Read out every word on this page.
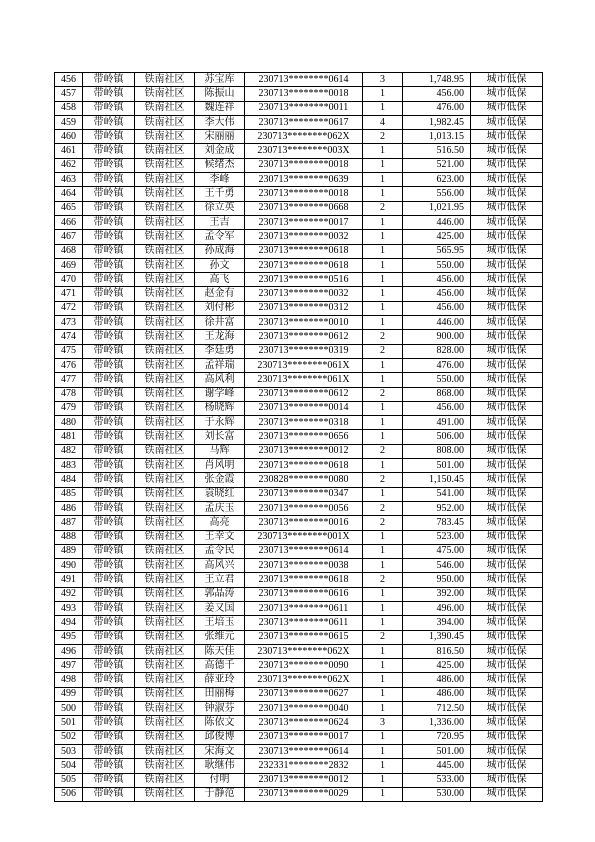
456	带岭镇	铁南社区	苏宝库	230713********0614	3	1,748.95	城市低保
457	带岭镇	铁南社区	陈振山	230713********0018	1	456.00	城市低保
458	带岭镇	铁南社区	魏连祥	230713********0011	1	476.00	城市低保
459	带岭镇	铁南社区	李大伟	230713********0617	4	1,982.45	城市低保
460	带岭镇	铁南社区	宋丽丽	230713********062X	2	1,013.15	城市低保
461	带岭镇	铁南社区	刘金成	230713********003X	1	516.50	城市低保
462	带岭镇	铁南社区	候绪杰	230713********0018	1	521.00	城市低保
463	带岭镇	铁南社区	李峰	230713********0639	1	623.00	城市低保
464	带岭镇	铁南社区	王千勇	230713********0018	1	556.00	城市低保
465	带岭镇	铁南社区	徐立英	230713********0668	2	1,021.95	城市低保
466	带岭镇	铁南社区	王吉	230713********0017	1	446.00	城市低保
467	带岭镇	铁南社区	孟令军	230713********0032	1	425.00	城市低保
468	带岭镇	铁南社区	孙成海	230713********0618	1	565.95	城市低保
469	带岭镇	铁南社区	孙文	230713********0618	1	550.00	城市低保
470	带岭镇	铁南社区	高飞	230713********0516	1	456.00	城市低保
471	带岭镇	铁南社区	赵金有	230713********0032	1	456.00	城市低保
472	带岭镇	铁南社区	刘付彬	230713********0312	1	456.00	城市低保
473	带岭镇	铁南社区	徐井富	230713********0010	1	446.00	城市低保
474	带岭镇	铁南社区	王龙海	230713********0612	2	900.00	城市低保
475	带岭镇	铁南社区	李廷勇	230713********0319	2	828.00	城市低保
476	带岭镇	铁南社区	孟祥瑞	230713********061X	1	476.00	城市低保
477	带岭镇	铁南社区	高风利	230713********061X	1	550.00	城市低保
478	带岭镇	铁南社区	谢学峰	230713********0612	2	868.00	城市低保
479	带岭镇	铁南社区	杨晓辉	230713********0014	1	456.00	城市低保
480	带岭镇	铁南社区	于永辉	230713********0318	1	491.00	城市低保
481	带岭镇	铁南社区	刘长富	230713********0656	1	506.00	城市低保
482	带岭镇	铁南社区	马辉	230713********0012	2	808.00	城市低保
483	带岭镇	铁南社区	肖风明	230713********0618	1	501.00	城市低保
484	带岭镇	铁南社区	张金霞	230828********0080	2	1,150.45	城市低保
485	带岭镇	铁南社区	袁晓红	230713********0347	1	541.00	城市低保
486	带岭镇	铁南社区	孟庆玉	230713********0056	2	952.00	城市低保
487	带岭镇	铁南社区	高亮	230713********0016	2	783.45	城市低保
488	带岭镇	铁南社区	王幸文	230713********001X	1	523.00	城市低保
489	带岭镇	铁南社区	孟令民	230713********0614	1	475.00	城市低保
490	带岭镇	铁南社区	高风兴	230713********0038	1	546.00	城市低保
491	带岭镇	铁南社区	王立君	230713********0618	2	950.00	城市低保
492	带岭镇	铁南社区	郭晶涛	230713********0616	1	392.00	城市低保
493	带岭镇	铁南社区	姜又国	230713********0611	1	496.00	城市低保
494	带岭镇	铁南社区	王培玉	230713********0611	1	394.00	城市低保
495	带岭镇	铁南社区	张维元	230713********0615	2	1,390.45	城市低保
496	带岭镇	铁南社区	陈天佳	230713********062X	1	816.50	城市低保
497	带岭镇	铁南社区	高德千	230713********0090	1	425.00	城市低保
498	带岭镇	铁南社区	薛亚玲	230713********062X	1	486.00	城市低保
499	带岭镇	铁南社区	田丽梅	230713********0627	1	486.00	城市低保
500	带岭镇	铁南社区	钟淑芬	230713********0040	1	712.50	城市低保
501	带岭镇	铁南社区	陈依文	230713********0624	3	1,336.00	城市低保
502	带岭镇	铁南社区	邱俊博	230713********0017	1	720.95	城市低保
503	带岭镇	铁南社区	宋海文	230713********0614	1	501.00	城市低保
504	带岭镇	铁南社区	耿继伟	232331********2832	1	445.00	城市低保
505	带岭镇	铁南社区	付明	230713********0012	1	533.00	城市低保
506	带岭镇	铁南社区	于静范	230713********0029	1	530.00	城市低保
